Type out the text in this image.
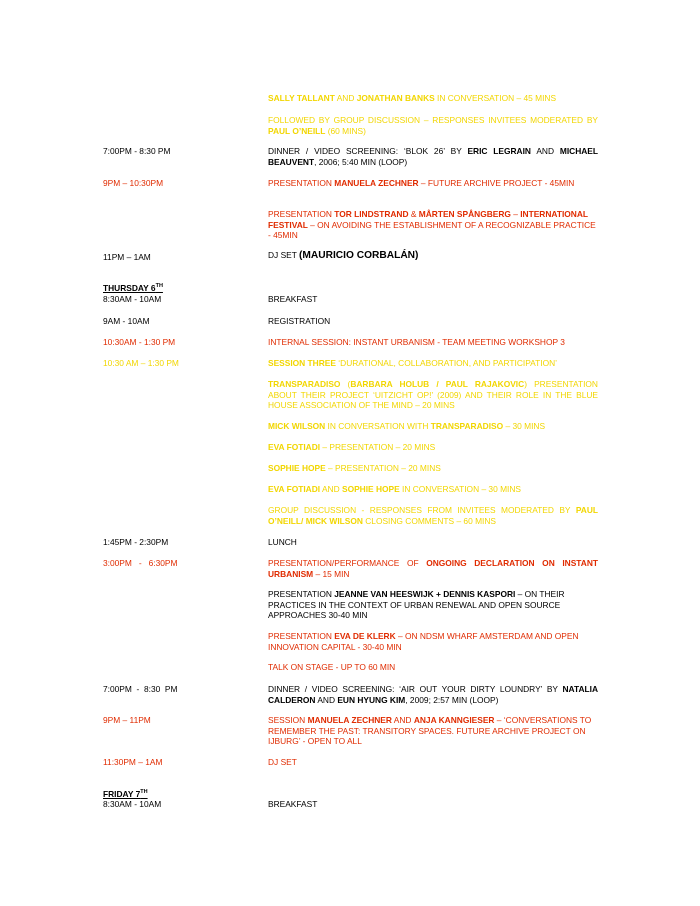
SALLY TALLANT AND JONATHAN BANKS IN CONVERSATION – 45 MINS
FOLLOWED BY GROUP DISCUSSION – RESPONSES INVITEES MODERATED BY PAUL O’NEILL (60 MINS)
7:00PM - 8:30 PM	DINNER / VIDEO SCREENING: ‘BLOK 26’ BY ERIC LEGRAIN AND MICHAEL BEAUVENT, 2006; 5:40 MIN (LOOP)
9PM – 10:30PM	PRESENTATION MANUELA ZECHNER – FUTURE ARCHIVE PROJECT - 45MIN
PRESENTATION TOR LINDSTRAND & MÅRTEN SPÅNGBERG – INTERNATIONAL FESTIVAL – ON AVOIDING THE ESTABLISHMENT OF A RECOGNIZABLE PRACTICE - 45MIN
11PM – 1AM	DJ SET (MAURICIO CORBALÁN)
THURSDAY 6TH
8:30AM - 10AM	BREAKFAST
9AM - 10AM	REGISTRATION
10:30AM - 1:30 PM	INTERNAL SESSION: INSTANT URBANISM - TEAM MEETING WORKSHOP 3
10:30 AM – 1:30 PM	SESSION THREE ‘DURATIONAL, COLLABORATION, AND PARTICIPATION’
TRANSPARADISO (BARBARA HOLUB / PAUL RAJAKOVIC) PRESENTATION ABOUT THEIR PROJECT ‘UITZICHT OP!’ (2009) AND THEIR ROLE IN THE BLUE HOUSE ASSOCIATION OF THE MIND – 20 MINS
MICK WILSON IN CONVERSATION WITH TRANSPARADISO – 30 MINS
EVA FOTIADI – PRESENTATION – 20 MINS
SOPHIE HOPE – PRESENTATION – 20 MINS
EVA FOTIADI AND SOPHIE HOPE IN CONVERSATION – 30 MINS
GROUP DISCUSSION - RESPONSES FROM INVITEES MODERATED BY PAUL O’NEILL/ MICK WILSON CLOSING COMMENTS – 60 MINS
1:45PM - 2:30PM	LUNCH
3:00PM   -   6:30PM	PRESENTATION/PERFORMANCE OF ONGOING DECLARATION ON INSTANT URBANISM – 15 MIN
PRESENTATION JEANNE VAN HEESWIJK + DENNIS KASPORI – ON THEIR PRACTICES IN THE CONTEXT OF URBAN RENEWAL AND OPEN SOURCE APPROACHES 30-40 MIN
PRESENTATION EVA DE KLERK – ON NDSM WHARF AMSTERDAM AND OPEN INNOVATION CAPITAL - 30-40 MIN
TALK ON STAGE - UP TO 60 MIN
7:00PM  -  8:30  PM	DINNER / VIDEO SCREENING: ‘AIR OUT YOUR DIRTY LOUNDRY’ BY NATALIA CALDERON AND EUN HYUNG KIM, 2009; 2:57 MIN (LOOP)
9PM – 11PM	SESSION MANUELA ZECHNER AND ANJA KANNGIESER – ‘CONVERSATIONS TO REMEMBER THE PAST: TRANSITORY SPACES. FUTURE ARCHIVE PROJECT ON IJBURG’ - OPEN TO ALL
11:30PM – 1AM	DJ SET
FRIDAY 7TH
8:30AM - 10AM	BREAKFAST
